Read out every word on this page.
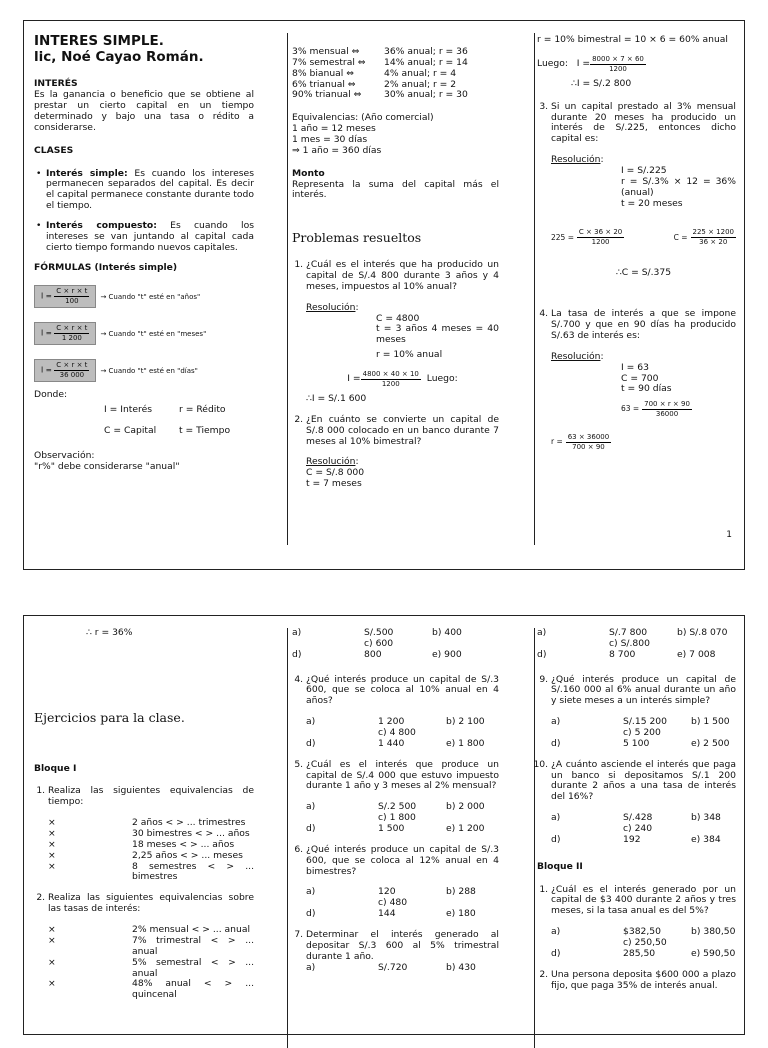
INTERES SIMPLE.
lic, Noé Cayao Román.
INTERÉS

Es la ganancia o beneficio que se obtiene al prestar un cierto capital en un tiempo determinado y bajo una tasa o rédito a considerarse.

CLASES
• Interés simple: Es cuando los intereses permanecen separados del capital. Es decir el capital permanece constante durante todo el tiempo.
• Interés compuesto: Es cuando los intereses se van juntando al capital cada cierto tiempo formando nuevos capitales.
FÓRMULAS (Interés simple)
$I = \frac{C \times r \times t}{100}$ → Cuando "t" esté en "años"
$I = \frac{C \times r \times t}{1 200}$ → Cuando "t" esté en "meses"
$I = \frac{C \times r \times t}{36 000}$ → Cuando "t" esté en "días"
Donde:
I = Interés	r = Rédito
C = Capital	t = Tiempo
Observación:
"r%" debe considerarse "anual"
3% mensual ⇔	36% anual; r = 36
7% semestral ⇔	14% anual; r = 14
8% bianual ⇔	4% anual; r = 4
6% trianual ⇔	2% anual; r = 2
90% trianual ⇔	30% anual; r = 30
Equivalencias: (Año comercial)
1 año = 12 meses
1 mes = 30 días
⇒ 1 año = 360 días
Monto
Representa la suma del capital más el interés.
Problemas resueltos
1. ¿Cuál es el interés que ha producido un capital de S/.4 800 durante 3 años y 4 meses, impuestos al 10% anual?
Resolución:
C = 4800
t = 3 años 4 meses = 40 meses
r = 10% anual
$I = \frac{4800 \times 40 \times 10}{1200}$
Luego:
∴I = S/.1 600
2. ¿En cuánto se convierte un capital de S/.8 000 colocado en un banco durante 7 meses al 10% bimestral?
Resolución:
C = S/.8 000
t = 7 meses
r = 10% bimestral = 10 × 6 = 60% anual
Luego: $I = \frac{8000 \times 7 \times 60}{1200}$
∴I = S/.2 800
3. Si un capital prestado al 3% mensual durante 20 meses ha producido un interés de S/.225, entonces dicho capital es:
Resolución:
I = S/.225
r = S/.3% × 12 = 36% (anual)
t = 20 meses
225 =
$\frac{C \times 36 \times 20}{1200}$	C =
$\frac{225 \times 1200}{36 \times 20}$
∴C = S/.375
4. La tasa de interés a que se impone S/.700 y que en 90 días ha producido S/.63 de interés es:
Resolución:
I = 63
C = 700
t = 90 días
63 =
$\frac{700 \times r \times 90}{36000}$
r =
$\frac{63 \times 36000}{700 \times 90}$
1
∴ r = 36%
Ejercicios para la clase.
Bloque I
1. Realiza las siguientes equivalencias de tiempo:
×	2 años < > ... trimestres
×	30 bimestres < > ... años
×	18 meses < > ... años
×	2,25 años < > ... meses
×	8 semestres < > ... bimestres
2. Realiza las siguientes equivalencias sobre las tasas de interés:
×	2% mensual < > ... anual
×	7% trimestral < > ... anual
×	5% semestral < > ... anual
×	48% anual < > ... quincenal
a)	S/.500	b) 400
c) 600
d)	800	e) 900
4. ¿Qué interés produce un capital de S/.3 600, que se coloca al 10% anual en 4 años?
a)	1 200	b) 2 100
c) 4 800
d)	1 440	e) 1 800
5. ¿Cuál es el interés que produce un capital de S/.4 000 que estuvo impuesto durante 1 año y 3 meses al 2% mensual?
a)	S/.2 500	b) 2 000
c) 1 800
d)	1 500	e) 1 200
6. ¿Qué interés produce un capital de S/.3 600, que se coloca al 12% anual en 4 bimestres?
a)	120	b) 288
c) 480
d)	144	e) 180
7. Determinar el interés generado al depositar S/.3 600 al 5% trimestral durante 1 año.
a)	S/.720	b) 430
a)	S/.7 800	b) S/.8 070
c) S/.800
d)	8 700	e) 7 008
9. ¿Qué interés produce un capital de S/.160 000 al 6% anual durante un año y siete meses a un interés simple?
a)	S/.15 200	b) 1 500
c) 5 200
d)	5 100	e) 2 500
10. ¿A cuánto asciende el interés que paga un banco si depositamos S/.1 200 durante 2 años a una tasa de interés del 16%?
a)	S/.428	b) 348
c) 240
d)	192	e) 384
Bloque II
1. ¿Cuál es el interés generado por un capital de $3 400 durante 2 años y tres meses, si la tasa anual es del 5%?
a)	$382,50	b) 380,50
c) 250,50
d)	285,50	e) 590,50
2. Una persona deposita $600 000 a plazo fijo, que paga 35% de interés anual.
